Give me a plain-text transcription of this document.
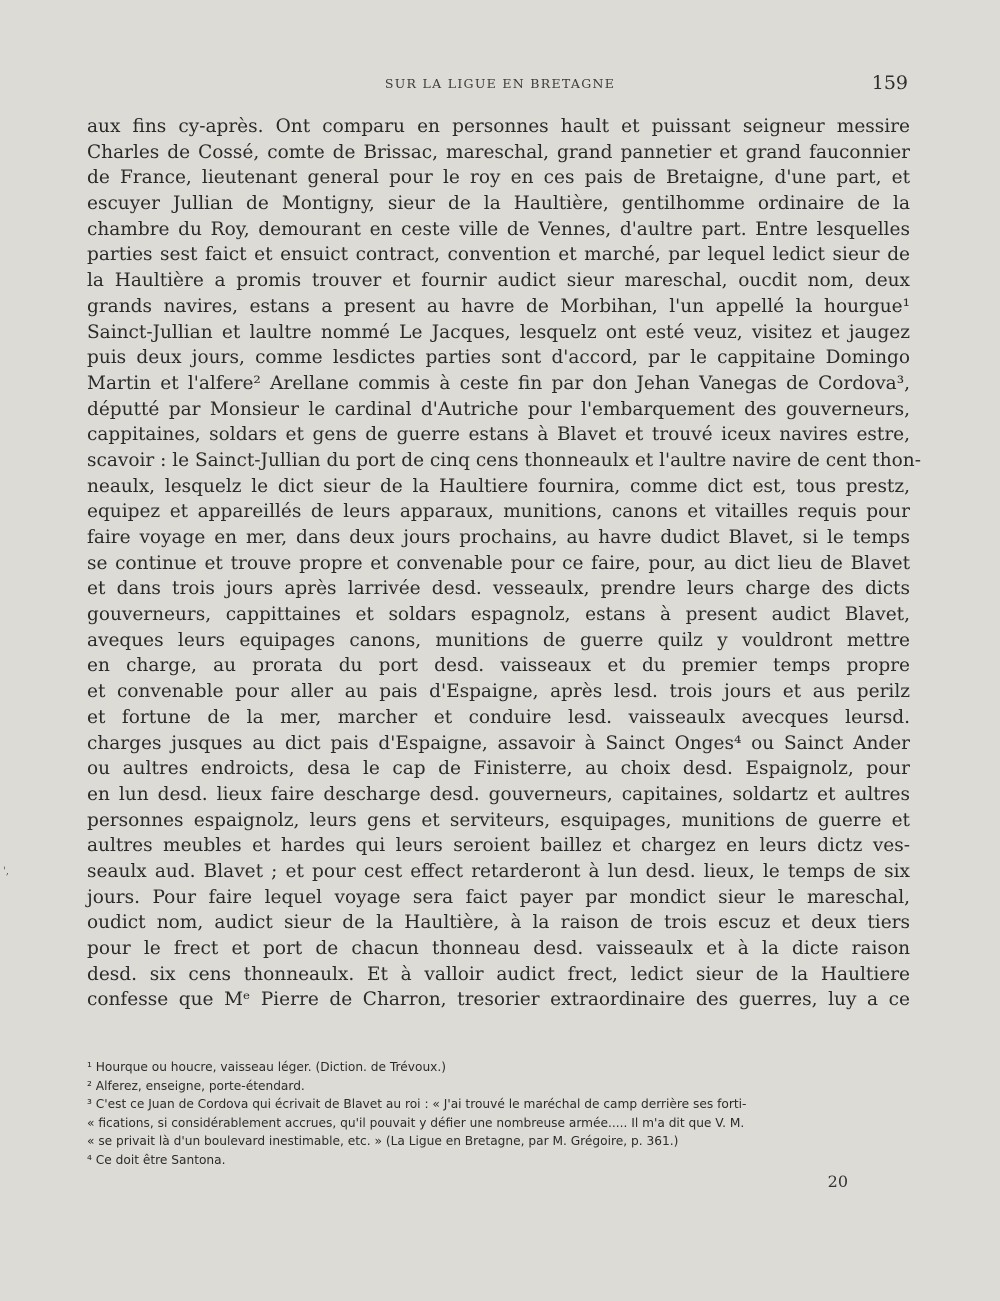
SUR LA LIGUE EN BRETAGNE	159
',
aux fins cy-après. Ont comparu en personnes hault et puissant seigneur messire
Charles de Cossé, comte de Brissac, mareschal, grand pannetier et grand fauconnier
de France, lieutenant general pour le roy en ces pais de Bretaigne, d'une part, et
escuyer Jullian de Montigny, sieur de la Haultière, gentilhomme ordinaire de la
chambre du Roy, demourant en ceste ville de Vennes, d'aultre part. Entre lesquelles
parties sest faict et ensuict contract, convention et marché, par lequel ledict sieur de
la Haultière a promis trouver et fournir audict sieur mareschal, oucdit nom, deux
grands navires, estans a present au havre de Morbihan, l'un appellé la hourgue¹
Sainct-Jullian et laultre nommé Le Jacques, lesquelz ont esté veuz, visitez et jaugez
puis deux jours, comme lesdictes parties sont d'accord, par le cappitaine Domingo
Martin et l'alfere² Arellane commis à ceste fin par don Jehan Vanegas de Cordova³,
députté par Monsieur le cardinal d'Autriche pour l'embarquement des gouverneurs,
cappitaines, soldars et gens de guerre estans à Blavet et trouvé iceux navires estre,
scavoir : le Sainct-Jullian du port de cinq cens thonneaulx et l'aultre navire de cent thon-
neaulx, lesquelz le dict sieur de la Haultiere fournira, comme dict est, tous prestz,
equipez et appareillés de leurs apparaux, munitions, canons et vitailles requis pour
faire voyage en mer, dans deux jours prochains, au havre dudict Blavet, si le temps
se continue et trouve propre et convenable pour ce faire, pour, au dict lieu de Blavet
et dans trois jours après larrivée desd. vesseaulx, prendre leurs charge des dicts
gouverneurs, cappittaines et soldars espagnolz, estans à present audict Blavet,
aveques leurs equipages canons, munitions de guerre quilz y vouldront mettre
en charge, au prorata du port desd. vaisseaux et du premier temps propre
et convenable pour aller au pais d'Espaigne, après lesd. trois jours et aus perilz
et fortune de la mer, marcher et conduire lesd. vaisseaulx avecques leursd.
charges jusques au dict pais d'Espaigne, assavoir à Sainct Onges⁴ ou Sainct Ander
ou aultres endroicts, desa le cap de Finisterre, au choix desd. Espaignolz, pour
en lun desd. lieux faire descharge desd. gouverneurs, capitaines, soldartz et aultres
personnes espaignolz, leurs gens et serviteurs, esquipages, munitions de guerre et
aultres meubles et hardes qui leurs seroient baillez et chargez en leurs dictz ves-
seaulx aud. Blavet ; et pour cest effect retarderont à lun desd. lieux, le temps de six
jours. Pour faire lequel voyage sera faict payer par mondict sieur le mareschal,
oudict nom, audict sieur de la Haultière, à la raison de trois escuz et deux tiers
pour le frect et port de chacun thonneau desd. vaisseaulx et à la dicte raison
desd. six cens thonneaulx. Et à valloir audict frect, ledict sieur de la Haultiere
confesse que Mᵉ Pierre de Charron, tresorier extraordinaire des guerres, luy a ce
¹ Hourque ou houcre, vaisseau léger. (Diction. de Trévoux.)
² Alferez, enseigne, porte-étendard.
³ C'est ce Juan de Cordova qui écrivait de Blavet au roi : « J'ai trouvé le maréchal de camp derrière ses forti-
« fications, si considérablement accrues, qu'il pouvait y défier une nombreuse armée..... Il m'a dit que V. M.
« se privait là d'un boulevard inestimable, etc. » (La Ligue en Bretagne, par M. Grégoire, p. 361.)
⁴ Ce doit être Santona.
20
